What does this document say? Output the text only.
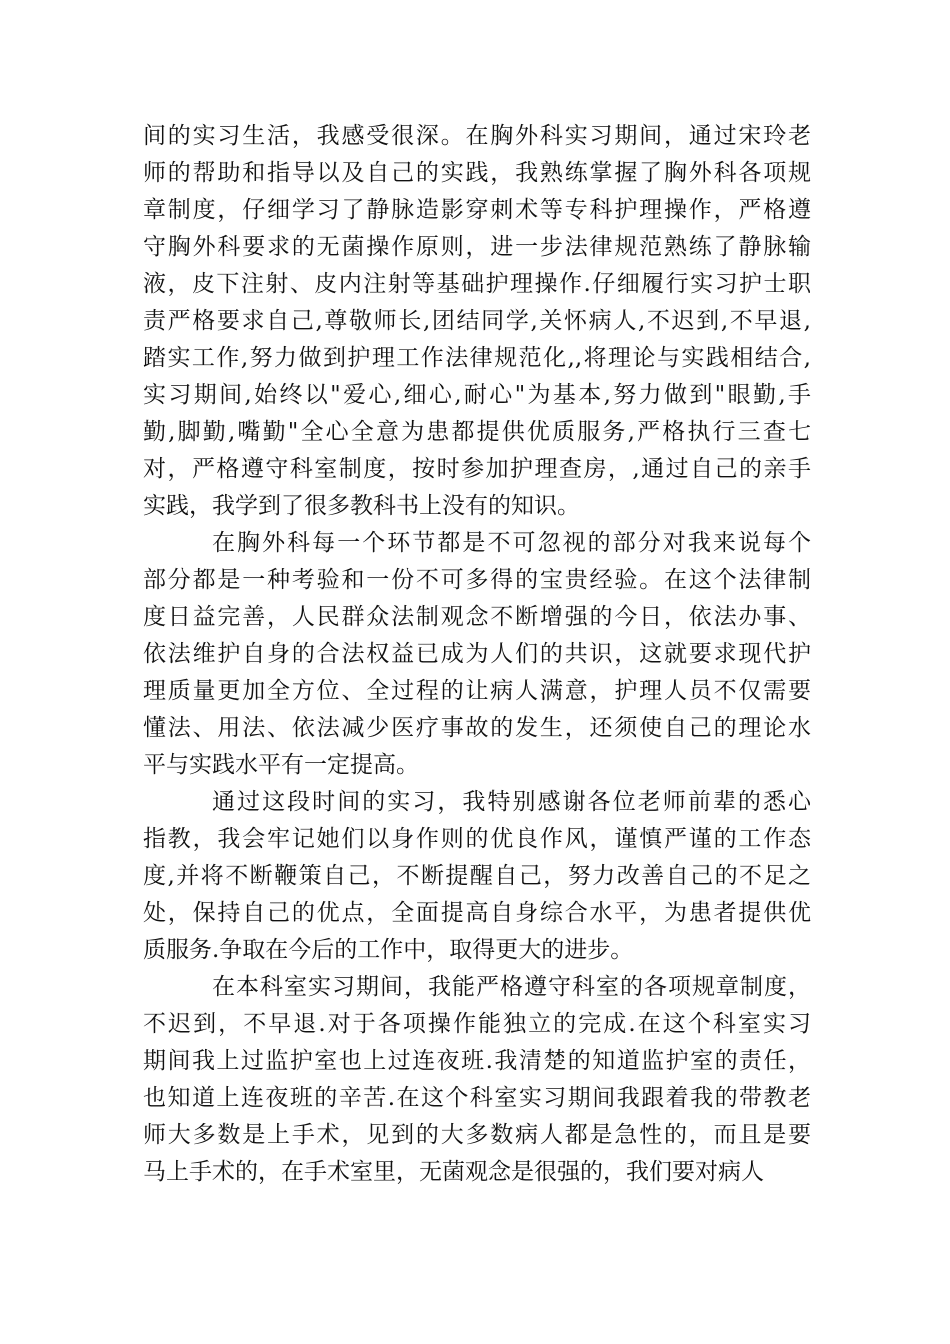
间的实习生活，我感受很深。在胸外科实习期间，通过宋玲老
师的帮助和指导以及自己的实践，我熟练掌握了胸外科各项规
章制度，仔细学习了静脉造影穿刺术等专科护理操作，严格遵
守胸外科要求的无菌操作原则，进一步法律规范熟练了静脉输
液，皮下注射、皮内注射等基础护理操作.仔细履行实习护士职
责严格要求自己,尊敬师长,团结同学,关怀病人,不迟到,不早退,
踏实工作,努力做到护理工作法律规范化,,将理论与实践相结合,
实习期间,始终以"爱心,细心,耐心"为基本,努力做到"眼勤,手
勤,脚勤,嘴勤"全心全意为患都提供优质服务,严格执行三查七
对，严格遵守科室制度，按时参加护理查房，,通过自己的亲手
实践，我学到了很多教科书上没有的知识。

在胸外科每一个环节都是不可忽视的部分对我来说每个
部分都是一种考验和一份不可多得的宝贵经验。在这个法律制
度日益完善，人民群众法制观念不断增强的今日，依法办事、
依法维护自身的合法权益已成为人们的共识，这就要求现代护
理质量更加全方位、全过程的让病人满意，护理人员不仅需要
懂法、用法、依法减少医疗事故的发生，还须使自己的理论水
平与实践水平有一定提高。

通过这段时间的实习，我特别感谢各位老师前辈的悉心
指教，我会牢记她们以身作则的优良作风，谨慎严谨的工作态
度,并将不断鞭策自己，不断提醒自己，努力改善自己的不足之
处，保持自己的优点，全面提高自身综合水平，为患者提供优
质服务.争取在今后的工作中，取得更大的进步。

在本科室实习期间，我能严格遵守科室的各项规章制度，
不迟到，不早退.对于各项操作能独立的完成.在这个科室实习
期间我上过监护室也上过连夜班.我清楚的知道监护室的责任，
也知道上连夜班的辛苦.在这个科室实习期间我跟着我的带教老
师大多数是上手术，见到的大多数病人都是急性的，而且是要
马上手术的，在手术室里，无菌观念是很强的，我们要对病人
